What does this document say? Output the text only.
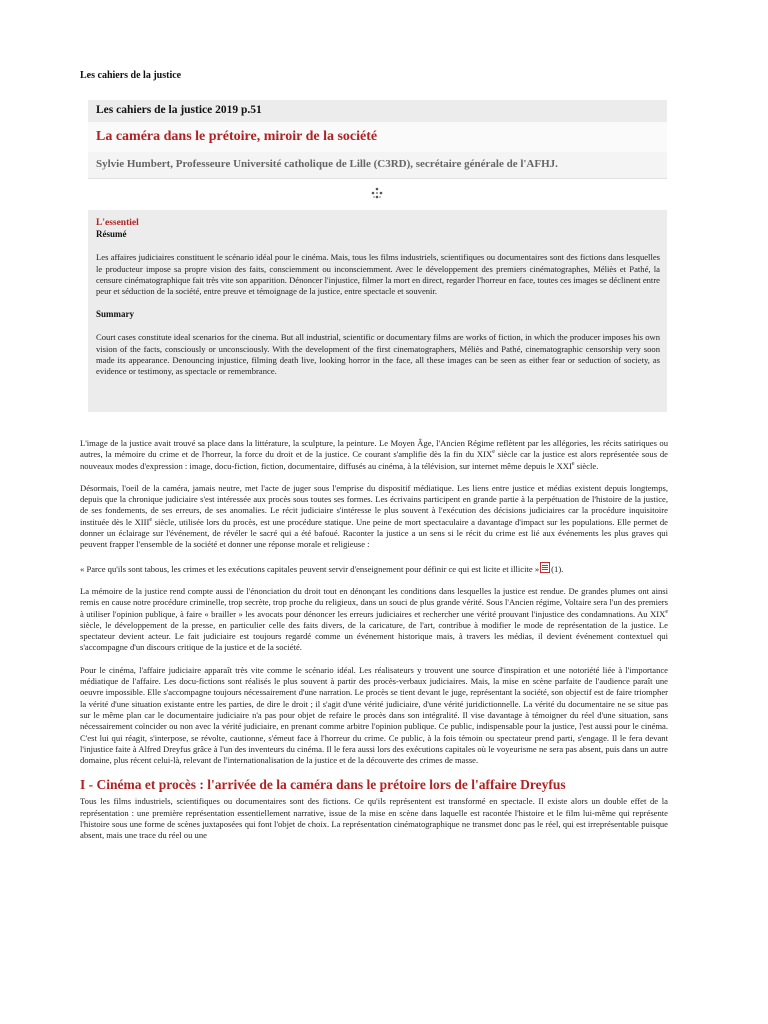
Les cahiers de la justice
Les cahiers de la justice 2019 p.51
La caméra dans le prétoire, miroir de la société
Sylvie Humbert, Professeure Université catholique de Lille (C3RD), secrétaire générale de l'AFHJ.
L'essentiel
Résumé

Les affaires judiciaires constituent le scénario idéal pour le cinéma. Mais, tous les films industriels, scientifiques ou documentaires sont des fictions dans lesquelles le producteur impose sa propre vision des faits, consciemment ou inconsciemment. Avec le développement des premiers cinématographes, Méliès et Pathé, la censure cinématographique fait très vite son apparition. Dénoncer l'injustice, filmer la mort en direct, regarder l'horreur en face, toutes ces images se déclinent entre peur et séduction de la société, entre preuve et témoignage de la justice, entre spectacle et souvenir.

Summary

Court cases constitute ideal scenarios for the cinema. But all industrial, scientific or documentary films are works of fiction, in which the producer imposes his own vision of the facts, consciously or unconsciously. With the development of the first cinematographers, Méliès and Pathé, cinematographic censorship very soon made its appearance. Denouncing injustice, filming death live, looking horror in the face, all these images can be seen as either fear or seduction of society, as evidence or testimony, as spectacle or remembrance.

L'image de la justice avait trouvé sa place dans la littérature, la sculpture, la peinture. Le Moyen Âge, l'Ancien Régime reflètent par les allégories, les récits satiriques ou autres, la mémoire du crime et de l'horreur, la force du droit et de la justice. Ce courant s'amplifie dès la fin du XIXe siècle car la justice est alors représentée sous de nouveaux modes d'expression : image, docu-fiction, fiction, documentaire, diffusés au cinéma, à la télévision, sur internet même depuis le XXIe siècle.

Désormais, l'oeil de la caméra, jamais neutre, met l'acte de juger sous l'emprise du dispositif médiatique. Les liens entre justice et médias existent depuis longtemps, depuis que la chronique judiciaire s'est intéressée aux procès sous toutes ses formes. Les écrivains participent en grande partie à la perpétuation de l'histoire de la justice, de ses fondements, de ses erreurs, de ses anomalies. Le récit judiciaire s'intéresse le plus souvent à l'exécution des décisions judiciaires car la procédure inquisitoire instituée dès le XIIIe siècle, utilisée lors du procès, est une procédure statique. Une peine de mort spectaculaire a davantage d'impact sur les populations. Elle permet de donner un éclairage sur l'événement, de révéler le sacré qui a été bafoué. Raconter la justice a un sens si le récit du crime est lié aux événements les plus graves qui peuvent frapper l'ensemble de la société et donner une réponse morale et religieuse :

« Parce qu'ils sont tabous, les crimes et les exécutions capitales peuvent servir d'enseignement pour définir ce qui est licite et illicite » (1).

La mémoire de la justice rend compte aussi de l'énonciation du droit tout en dénonçant les conditions dans lesquelles la justice est rendue. De grandes plumes ont ainsi remis en cause notre procédure criminelle, trop secrète, trop proche du religieux, dans un souci de plus grande vérité. Sous l'Ancien régime, Voltaire sera l'un des premiers à utiliser l'opinion publique, à faire « brailler » les avocats pour dénoncer les erreurs judiciaires et rechercher une vérité prouvant l'injustice des condamnations. Au XIXe siècle, le développement de la presse, en particulier celle des faits divers, de la caricature, de l'art, contribue à modifier le mode de représentation de la justice. Le spectateur devient acteur. Le fait judiciaire est toujours regardé comme un événement historique mais, à travers les médias, il devient événement contextuel qui s'accompagne d'un discours critique de la justice et de la société.

Pour le cinéma, l'affaire judiciaire apparaît très vite comme le scénario idéal. Les réalisateurs y trouvent une source d'inspiration et une notoriété liée à l'importance médiatique de l'affaire. Les docu-fictions sont réalisés le plus souvent à partir des procès-verbaux judiciaires. Mais, la mise en scène parfaite de l'audience paraît une oeuvre impossible. Elle s'accompagne toujours nécessairement d'une narration. Le procès se tient devant le juge, représentant la société, son objectif est de faire triompher la vérité d'une situation existante entre les parties, de dire le droit ; il s'agit d'une vérité judiciaire, d'une vérité juridictionnelle. La vérité du documentaire ne se situe pas sur le même plan car le documentaire judiciaire n'a pas pour objet de refaire le procès dans son intégralité. Il vise davantage à témoigner du réel d'une situation, sans nécessairement coïncider ou non avec la vérité judiciaire, en prenant comme arbitre l'opinion publique. Ce public, indispensable pour la justice, l'est aussi pour le cinéma. C'est lui qui réagit, s'interpose, se révolte, cautionne, s'émeut face à l'horreur du crime. Ce public, à la fois témoin ou spectateur prend parti, s'engage. Il le fera devant l'injustice faite à Alfred Dreyfus grâce à l'un des inventeurs du cinéma. Il le fera aussi lors des exécutions capitales où le voyeurisme ne sera pas absent, puis dans un autre domaine, plus récent celui-là, relevant de l'internationalisation de la justice et de la découverte des crimes de masse.

I - Cinéma et procès : l'arrivée de la caméra dans le prétoire lors de l'affaire Dreyfus

Tous les films industriels, scientifiques ou documentaires sont des fictions. Ce qu'ils représentent est transformé en spectacle. Il existe alors un double effet de la représentation : une première représentation essentiellement narrative, issue de la mise en scène dans laquelle est racontée l'histoire et le film lui-même qui représente l'histoire sous une forme de scènes juxtaposées qui font l'objet de choix. La représentation cinématographique ne transmet donc pas le réel, qui est irreprésentable puisque absent, mais une trace du réel ou une
